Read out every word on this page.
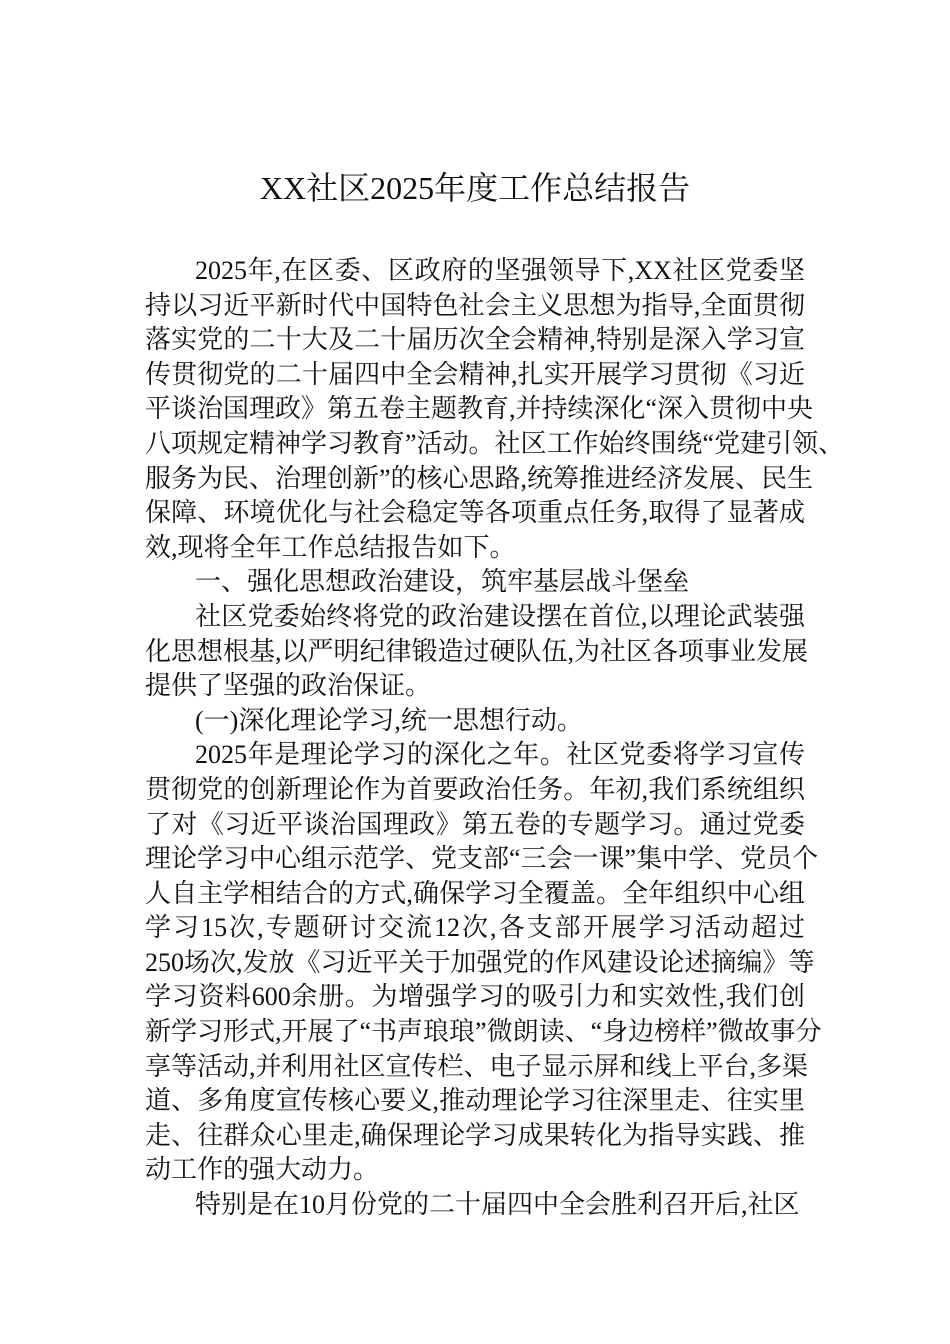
XX社区2025年度工作总结报告
2025年,在区委、区政府的坚强领导下,XX社区党委坚
持以习近平新时代中国特色社会主义思想为指导,全面贯彻
落实党的二十大及二十届历次全会精神,特别是深入学习宣
传贯彻党的二十届四中全会精神,扎实开展学习贯彻《习近
平谈治国理政》第五卷主题教育,并持续深化“深入贯彻中央
八项规定精神学习教育”活动。社区工作始终围绕“党建引领、
服务为民、治理创新”的核心思路,统筹推进经济发展、民生
保障、环境优化与社会稳定等各项重点任务,取得了显著成
效,现将全年工作总结报告如下。
一、强化思想政治建设，筑牢基层战斗堡垒
社区党委始终将党的政治建设摆在首位,以理论武装强
化思想根基,以严明纪律锻造过硬队伍,为社区各项事业发展
提供了坚强的政治保证。
(一)深化理论学习,统一思想行动。
2025年是理论学习的深化之年。社区党委将学习宣传
贯彻党的创新理论作为首要政治任务。年初,我们系统组织
了对《习近平谈治国理政》第五卷的专题学习。通过党委
理论学习中心组示范学、党支部“三会一课”集中学、党员个
人自主学相结合的方式,确保学习全覆盖。全年组织中心组
学习15次,专题研讨交流12次,各支部开展学习活动超过
250场次,发放《习近平关于加强党的作风建设论述摘编》等
学习资料600余册。为增强学习的吸引力和实效性,我们创
新学习形式,开展了“书声琅琅”微朗读、“身边榜样”微故事分
享等活动,并利用社区宣传栏、电子显示屏和线上平台,多渠
道、多角度宣传核心要义,推动理论学习往深里走、往实里
走、往群众心里走,确保理论学习成果转化为指导实践、推
动工作的强大动力。
特别是在10月份党的二十届四中全会胜利召开后,社区
